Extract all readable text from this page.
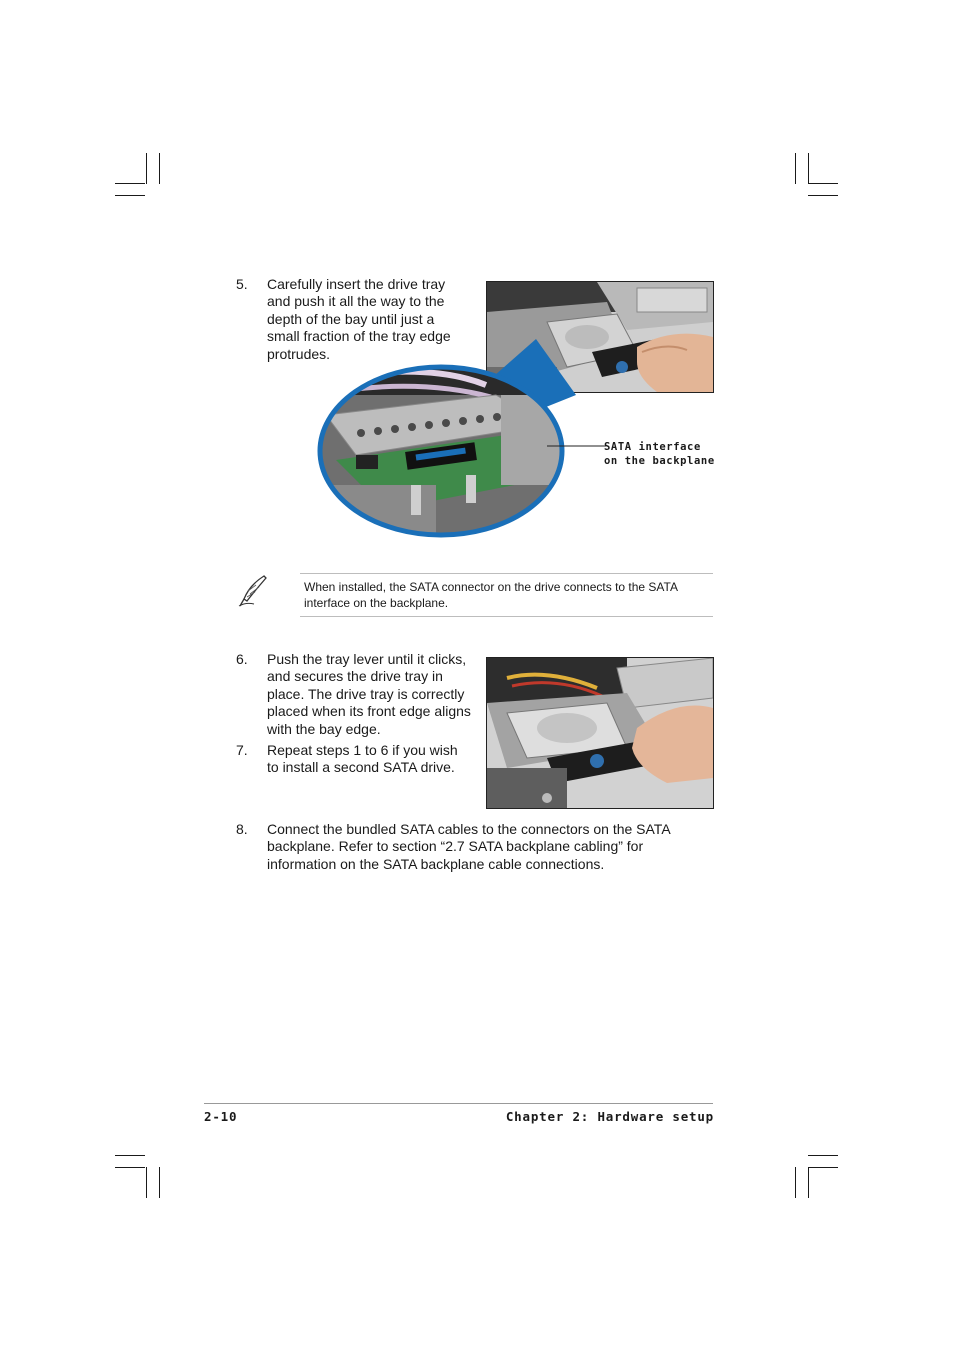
5. Carefully insert the drive tray
and push it all the way to the
depth of the bay until just a
small fraction of the tray edge
protrudes.
SATA interface
on the backplane
When installed, the SATA connector on the drive connects to the SATA
interface on the backplane.
6. Push the tray lever until it clicks,
and secures the drive tray in
place. The drive tray is correctly
placed when its front edge aligns
with the bay edge.
7. Repeat steps 1 to 6 if you wish
to install a second SATA drive.
8. Connect the bundled SATA cables to the connectors on the SATA
backplane. Refer to section “2.7 SATA backplane cabling” for
information on the SATA backplane cable connections.
2-10	Chapter 2: Hardware setup
